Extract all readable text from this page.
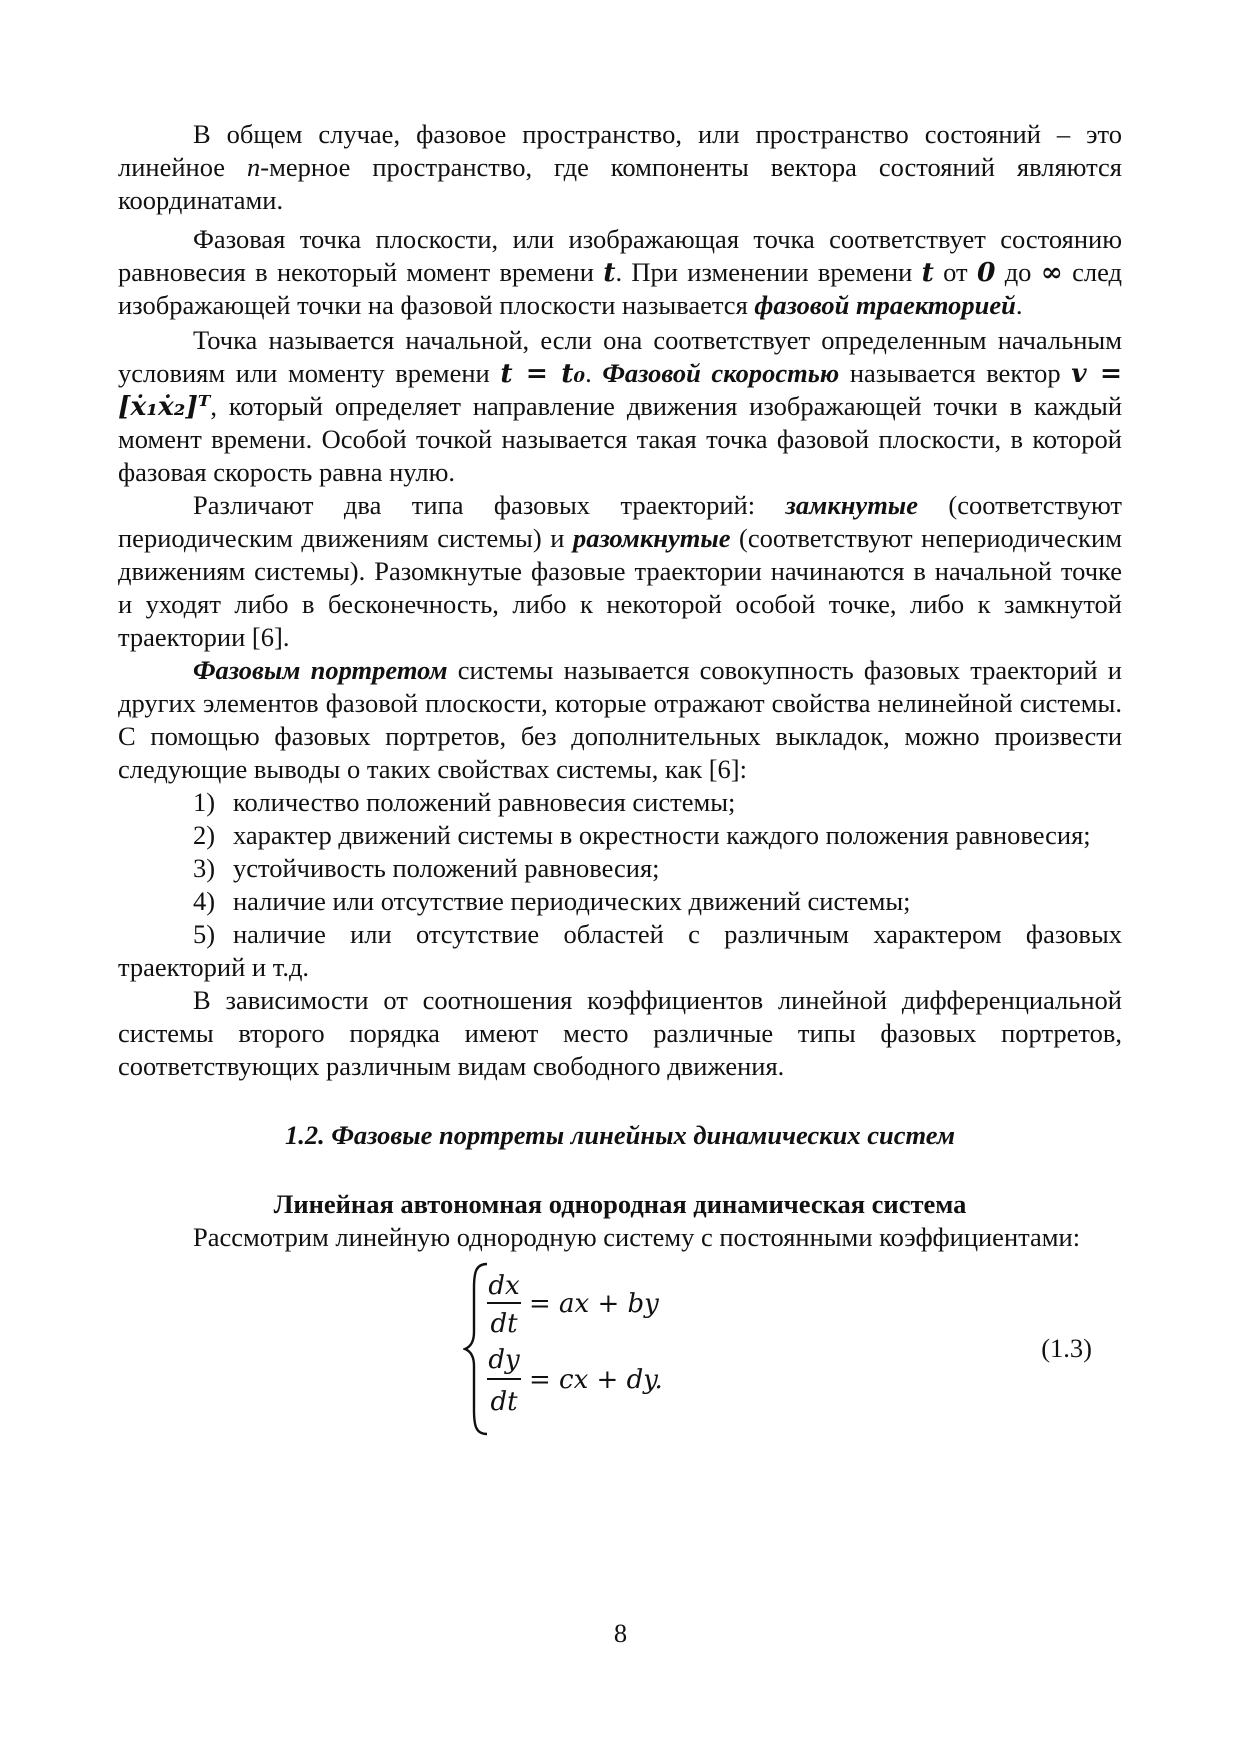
В общем случае, фазовое пространство, или пространство состояний – это линейное n-мерное пространство, где компоненты вектора состояний являются координатами.

Фазовая точка плоскости, или изображающая точка соответствует состоянию равновесия в некоторый момент времени t. При изменении времени t от 0 до ∞ след изображающей точки на фазовой плоскости называется фазовой траекторией.

Точка называется начальной, если она соответствует определенным начальным условиям или моменту времени t = t₀. Фазовой скоростью называется вектор v = [ẋ₁ẋ₂]ᵀ, который определяет направление движения изображающей точки в каждый момент времени. Особой точкой называется такая точка фазовой плоскости, в которой фазовая скорость равна нулю.

Различают два типа фазовых траекторий: замкнутые (соответствуют периодическим движениям системы) и разомкнутые (соответствуют непериодическим движениям системы). Разомкнутые фазовые траектории начинаются в начальной точке и уходят либо в бесконечность, либо к некоторой особой точке, либо к замкнутой траектории [6].

Фазовым портретом системы называется совокупность фазовых траекторий и других элементов фазовой плоскости, которые отражают свойства нелинейной системы. С помощью фазовых портретов, без дополнительных выкладок, можно произвести следующие выводы о таких свойствах системы, как [6]:

1) количество положений равновесия системы;

2) характер движений системы в окрестности каждого положения равновесия;

3) устойчивость положений равновесия;

4) наличие или отсутствие периодических движений системы;

5) наличие или отсутствие областей с различным характером фазовых траекторий и т.д.

В зависимости от соотношения коэффициентов линейной дифференциальной системы второго порядка имеют место различные типы фазовых портретов, соответствующих различным видам свободного движения.

1.2. Фазовые портреты линейных динамических систем
Линейная автономная однородная динамическая система

Рассмотрим линейную однородную систему с постоянными коэффициентами:

dx
dt
= ax + by
dy
dt
= cx + dy.
(1.3)
8
